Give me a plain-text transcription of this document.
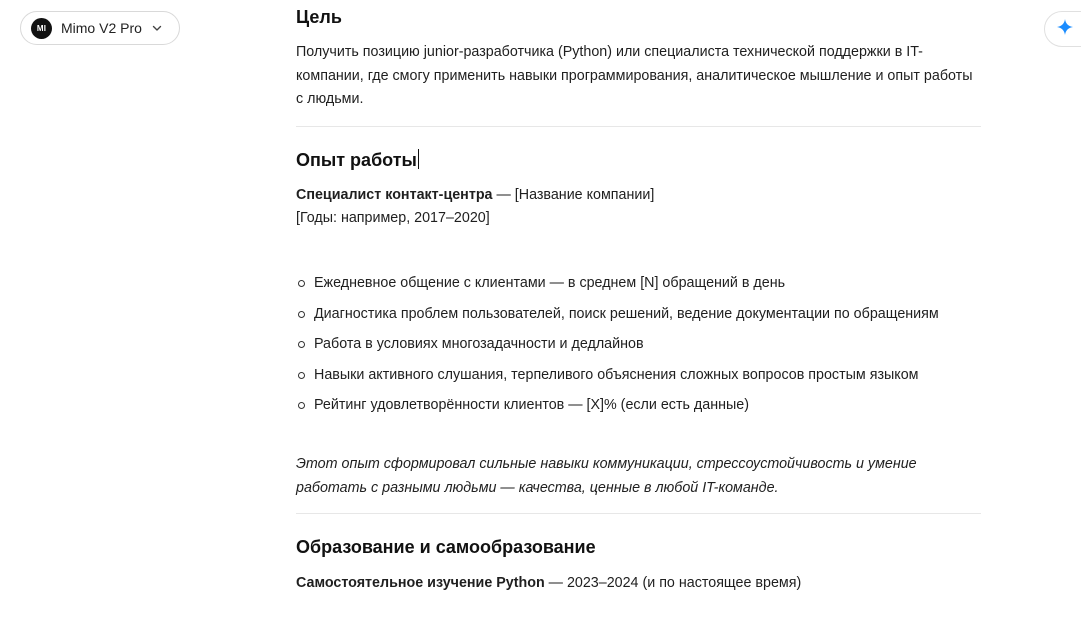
MI Mimo V2 Pro
Цель
Получить позицию junior-разработчика (Python) или специалиста технической поддержки в IT-компании, где смогу применить навыки программирования, аналитическое мышление и опыт работы с людьми.
Опыт работы
Специалист контакт-центра — [Название компании]
[Годы: например, 2017–2020]
Ежедневное общение с клиентами — в среднем [N] обращений в день
Диагностика проблем пользователей, поиск решений, ведение документации по обращениям
Работа в условиях многозадачности и дедлайнов
Навыки активного слушания, терпеливого объяснения сложных вопросов простым языком
Рейтинг удовлетворённости клиентов — [X]% (если есть данные)
Этот опыт сформировал сильные навыки коммуникации, стрессоустойчивость и умение работать с разными людьми — качества, ценные в любой IT-команде.
Образование и самообразование
Самостоятельное изучение Python — 2023–2024 (и по настоящее время)
